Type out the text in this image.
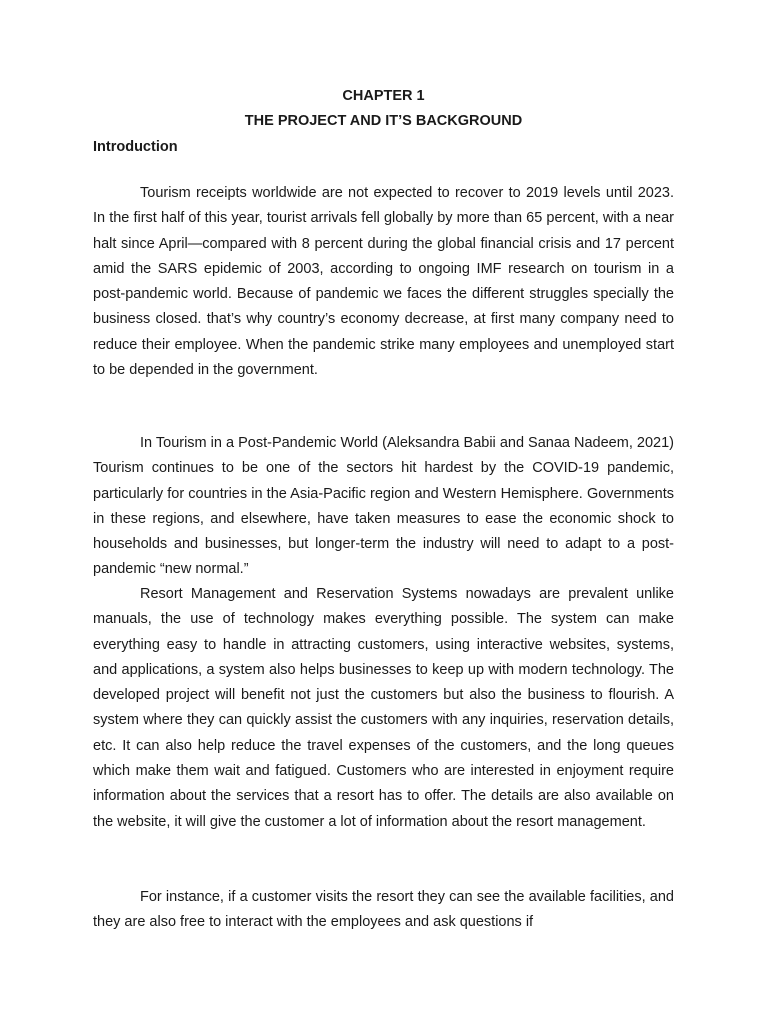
CHAPTER 1
THE PROJECT AND IT’S BACKGROUND
Introduction

Tourism receipts worldwide are not expected to recover to 2019 levels until 2023. In the first half of this year, tourist arrivals fell globally by more than 65 percent, with a near halt since April—compared with 8 percent during the global financial crisis and 17 percent amid the SARS epidemic of 2003, according to ongoing IMF research on tourism in a post-pandemic world. Because of pandemic we faces the different struggles specially the business closed. that’s why country’s economy decrease, at first many company need to reduce their employee. When the pandemic strike many employees and unemployed start to be depended in the government.

In Tourism in a Post-Pandemic World (Aleksandra Babii and Sanaa Nadeem, 2021) Tourism continues to be one of the sectors hit hardest by the COVID-19 pandemic, particularly for countries in the Asia-Pacific region and Western Hemisphere. Governments in these regions, and elsewhere, have taken measures to ease the economic shock to households and businesses, but longer-term the industry will need to adapt to a post-pandemic “new normal.”

Resort Management and Reservation Systems nowadays are prevalent unlike manuals, the use of technology makes everything possible. The system can make everything easy to handle in attracting customers, using interactive websites, systems, and applications, a system also helps businesses to keep up with modern technology. The developed project will benefit not just the customers but also the business to flourish. A system where they can quickly assist the customers with any inquiries, reservation details, etc. It can also help reduce the travel expenses of the customers, and the long queues which make them wait and fatigued. Customers who are interested in enjoyment require information about the services that a resort has to offer. The details are also available on the website, it will give the customer a lot of information about the resort management.

For instance, if a customer visits the resort they can see the available facilities, and they are also free to interact with the employees and ask questions if
